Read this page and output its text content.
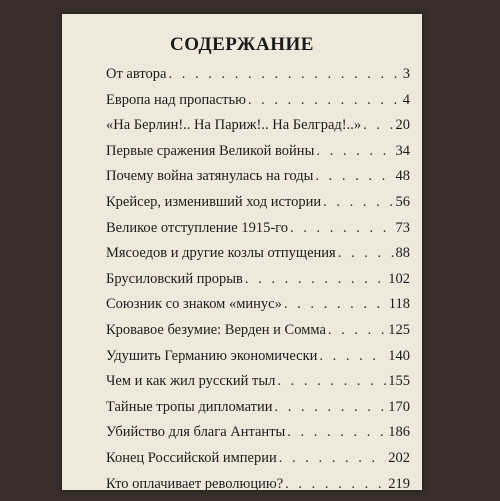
СОДЕРЖАНИЕ
От автора . . .	3
Европа над пропастью . . .	4
«На Берлин!.. На Париж!.. На Белград!..» . . . 20
Первые сражения Великой войны . . .	34
Почему война затянулась на годы . . .	48
Крейсер, изменивший ход истории . . .	56
Великое отступление 1915-го . . .	73
Мясоедов и другие козлы отпущения . . .	88
Брусиловский прорыв . . .	102
Союзник со знаком «минус» . . .	118
Кровавое безумие: Верден и Сомма . . .	125
Удушить Германию экономически . . .	140
Чем и как жил русский тыл . . .	155
Тайные тропы дипломатии . . .	170
Убийство для блага Антанты . . .	186
Конец Российской империи . . .	202
Кто оплачивает революцию? . . .	219
